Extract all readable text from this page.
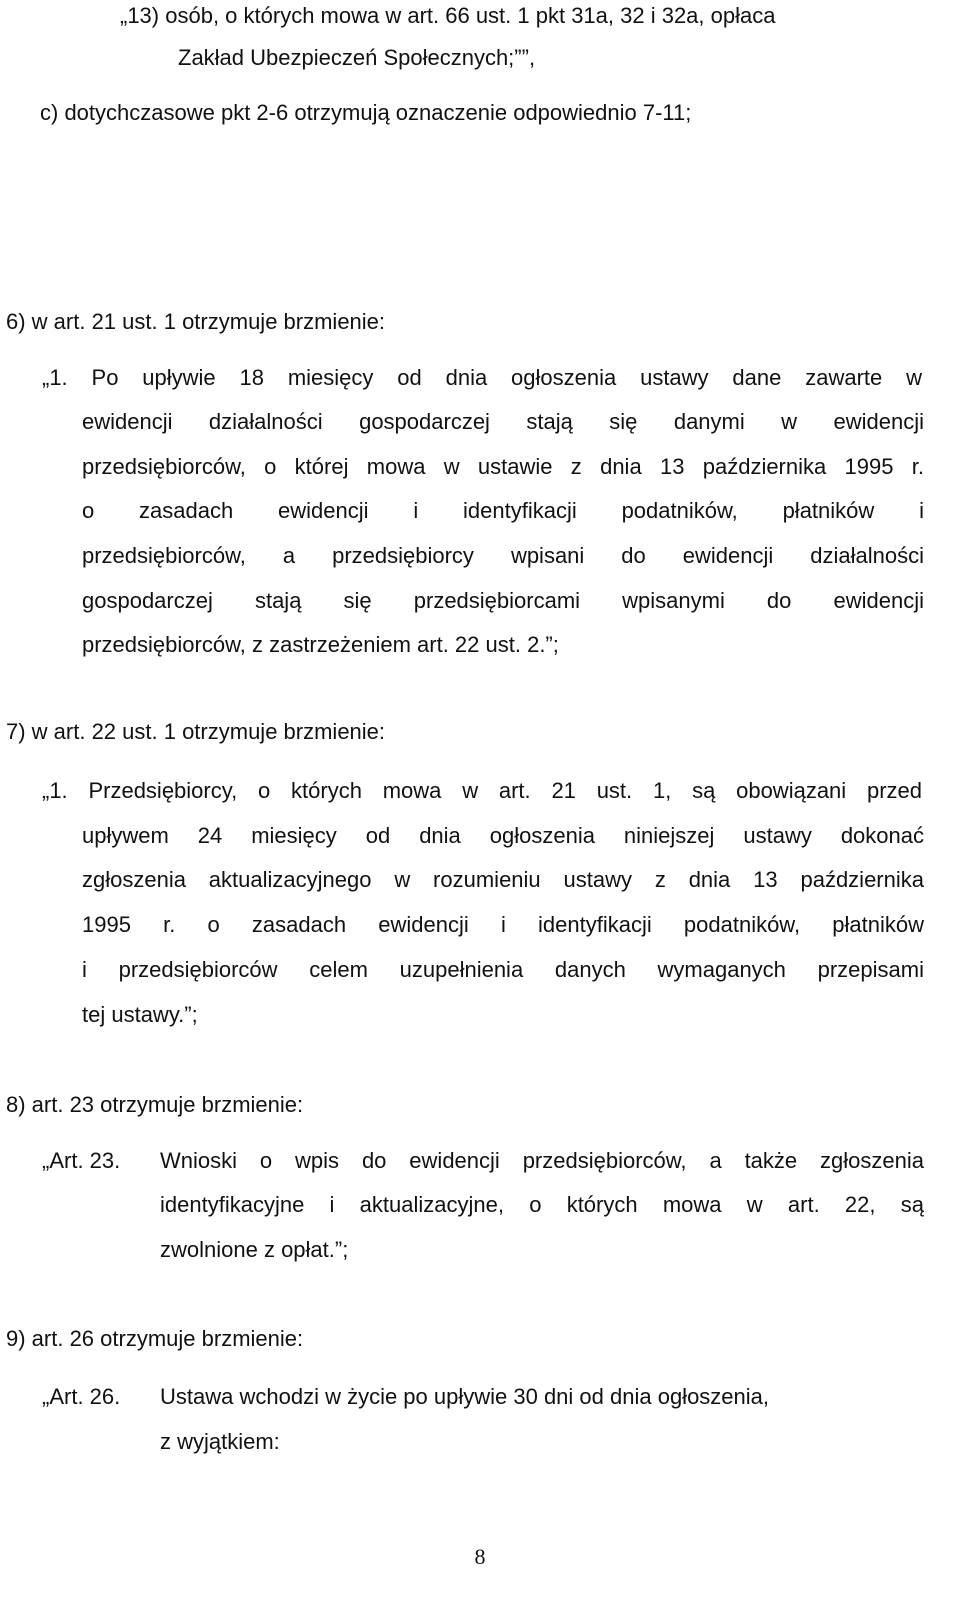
„13) osób, o których mowa w art. 66 ust. 1 pkt 31a, 32 i 32a, opłaca
Zakład Ubezpieczeń Społecznych;””,
c) dotychczasowe pkt 2-6 otrzymują oznaczenie odpowiednio 7-11;
6) w art. 21 ust. 1 otrzymuje brzmienie:
„1. Po upływie 18 miesięcy od dnia ogłoszenia ustawy dane zawarte w
ewidencji działalności gospodarczej stają się danymi w ewidencji
przedsiębiorców, o której mowa w ustawie z dnia 13 października 1995 r.
o zasadach ewidencji i identyfikacji podatników, płatników i
przedsiębiorców, a przedsiębiorcy wpisani do ewidencji działalności
gospodarczej stają się przedsiębiorcami wpisanymi do ewidencji
przedsiębiorców, z zastrzeżeniem art. 22 ust. 2.”;
7) w art. 22 ust. 1 otrzymuje brzmienie:
„1. Przedsiębiorcy, o których mowa w art. 21 ust. 1, są obowiązani przed
upływem 24 miesięcy od dnia ogłoszenia niniejszej ustawy dokonać
zgłoszenia aktualizacyjnego w rozumieniu ustawy z dnia 13 października
1995 r. o zasadach ewidencji i identyfikacji podatników, płatników
i przedsiębiorców celem uzupełnienia danych wymaganych przepisami
tej ustawy.”;
8) art. 23 otrzymuje brzmienie:
„Art. 23. Wnioski o wpis do ewidencji przedsiębiorców, a także zgłoszenia
identyfikacyjne i aktualizacyjne, o których mowa w art. 22, są
zwolnione z opłat.”;
9) art. 26 otrzymuje brzmienie:
„Art. 26. Ustawa wchodzi w życie po upływie 30 dni od dnia ogłoszenia,
z wyjątkiem:
8
